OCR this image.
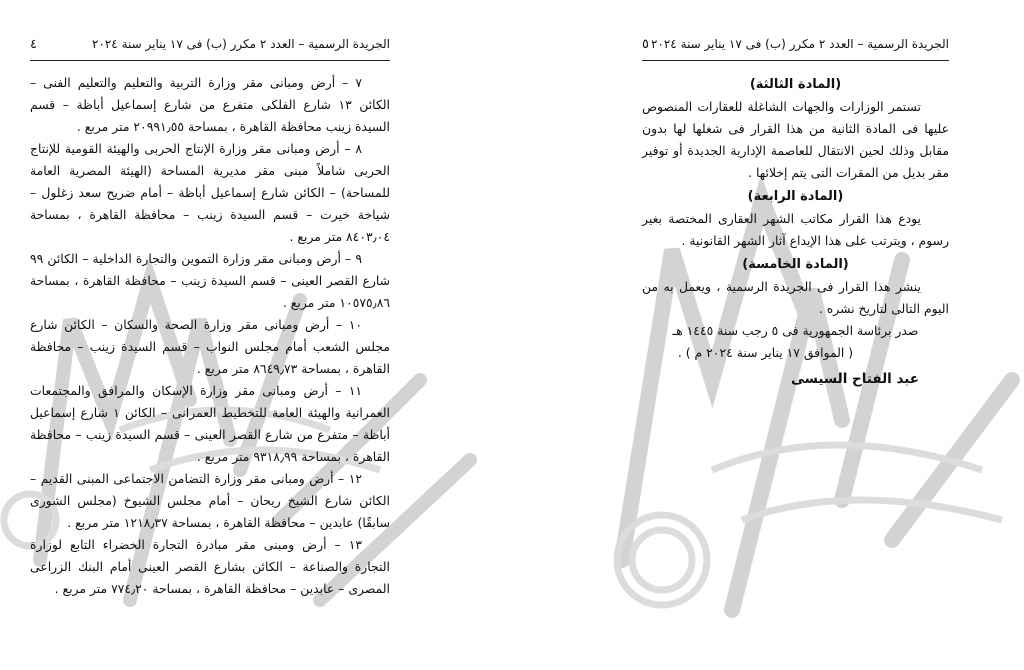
الجريدة الرسمية – العدد ٢ مكرر (ب) فى ١٧ يناير سنة ٢٠٢٤
٤

٧ – أرض ومبانى مقر وزارة التربية والتعليم والتعليم الفنى – الكائن ١٣ شارع الفلكى متفرع من شارع إسماعيل أباظة – قسم السيدة زينب محافظة القاهرة ، بمساحة ٢٠٩٩١٫٥٥ متر مربع .

٨ – أرض ومبانى مقر وزارة الإنتاج الحربى والهيئة القومية للإنتاج الحربى شاملاً مبنى مقر مديرية المساحة (الهيئة المصرية العامة للمساحة) – الكائن شارع إسماعيل أباظة – أمام ضريح سعد زغلول – شياخة خيرت – قسم السيدة زينب – محافظة القاهرة ، بمساحة ٨٤٠٣٫٠٤ متر مربع .

٩ – أرض ومبانى مقر وزارة التموين والتجارة الداخلية – الكائن ٩٩ شارع القصر العينى – قسم السيدة زينب – محافظة القاهرة ، بمساحة ١٠٥٧٥٫٨٦ متر مربع .

١٠ – أرض ومبانى مقر وزارة الصحة والسكان – الكائن شارع مجلس الشعب أمام مجلس النواب – قسم السيدة زينب – محافظة القاهرة ، بمساحة ٨٦٤٩٫٧٣ متر مربع .

١١ – أرض ومبانى مقر وزارة الإسكان والمرافق والمجتمعات العمرانية والهيئة العامة للتخطيط العمرانى – الكائن ١ شارع إسماعيل أباظة – متفرع من شارع القصر العينى – قسم السيدة زينب – محافظة القاهرة ، بمساحة ٩٣١٨٫٩٩ متر مربع .

١٢ – أرض ومبانى مقر وزارة التضامن الاجتماعى المبنى القديم – الكائن شارع الشيخ ريحان – أمام مجلس الشيوخ (مجلس الشورى سابقًا) عابدين – محافظة القاهرة ، بمساحة ١٢١٨٫٣٧ متر مربع .

١٣ – أرض ومبنى مقر مبادرة التجارة الخضراء التابع لوزارة التجارة والصناعة – الكائن بشارع القصر العينى أمام البنك الزراعى المصرى – عابدين – محافظة القاهرة ، بمساحة ٧٧٤٫٢٠ متر مربع .

الجريدة الرسمية – العدد ٢ مكرر (ب) فى ١٧ يناير سنة ٢٠٢٤
٥

(المادة الثالثة)

تستمر الوزارات والجهات الشاغلة للعقارات المنصوص عليها فى المادة الثانية من هذا القرار فى شغلها لها بدون مقابل وذلك لحين الانتقال للعاصمة الإدارية الجديدة أو توفير مقر بديل من المقرات التى يتم إخلائها .

(المادة الرابعة)

يودع هذا القرار مكاتب الشهر العقارى المختصة بغير رسوم ، ويترتب على هذا الإيداع آثار الشهر القانونية .

(المادة الخامسة)

ينشر هذا القرار فى الجريدة الرسمية ، ويعمل به من اليوم التالى لتاريخ نشره .

صدر برئاسة الجمهورية فى ٥ رجب سنة ١٤٤٥ هـ

( الموافق ١٧ يناير سنة ٢٠٢٤ م ) .

عبد الفتاح السيسى
